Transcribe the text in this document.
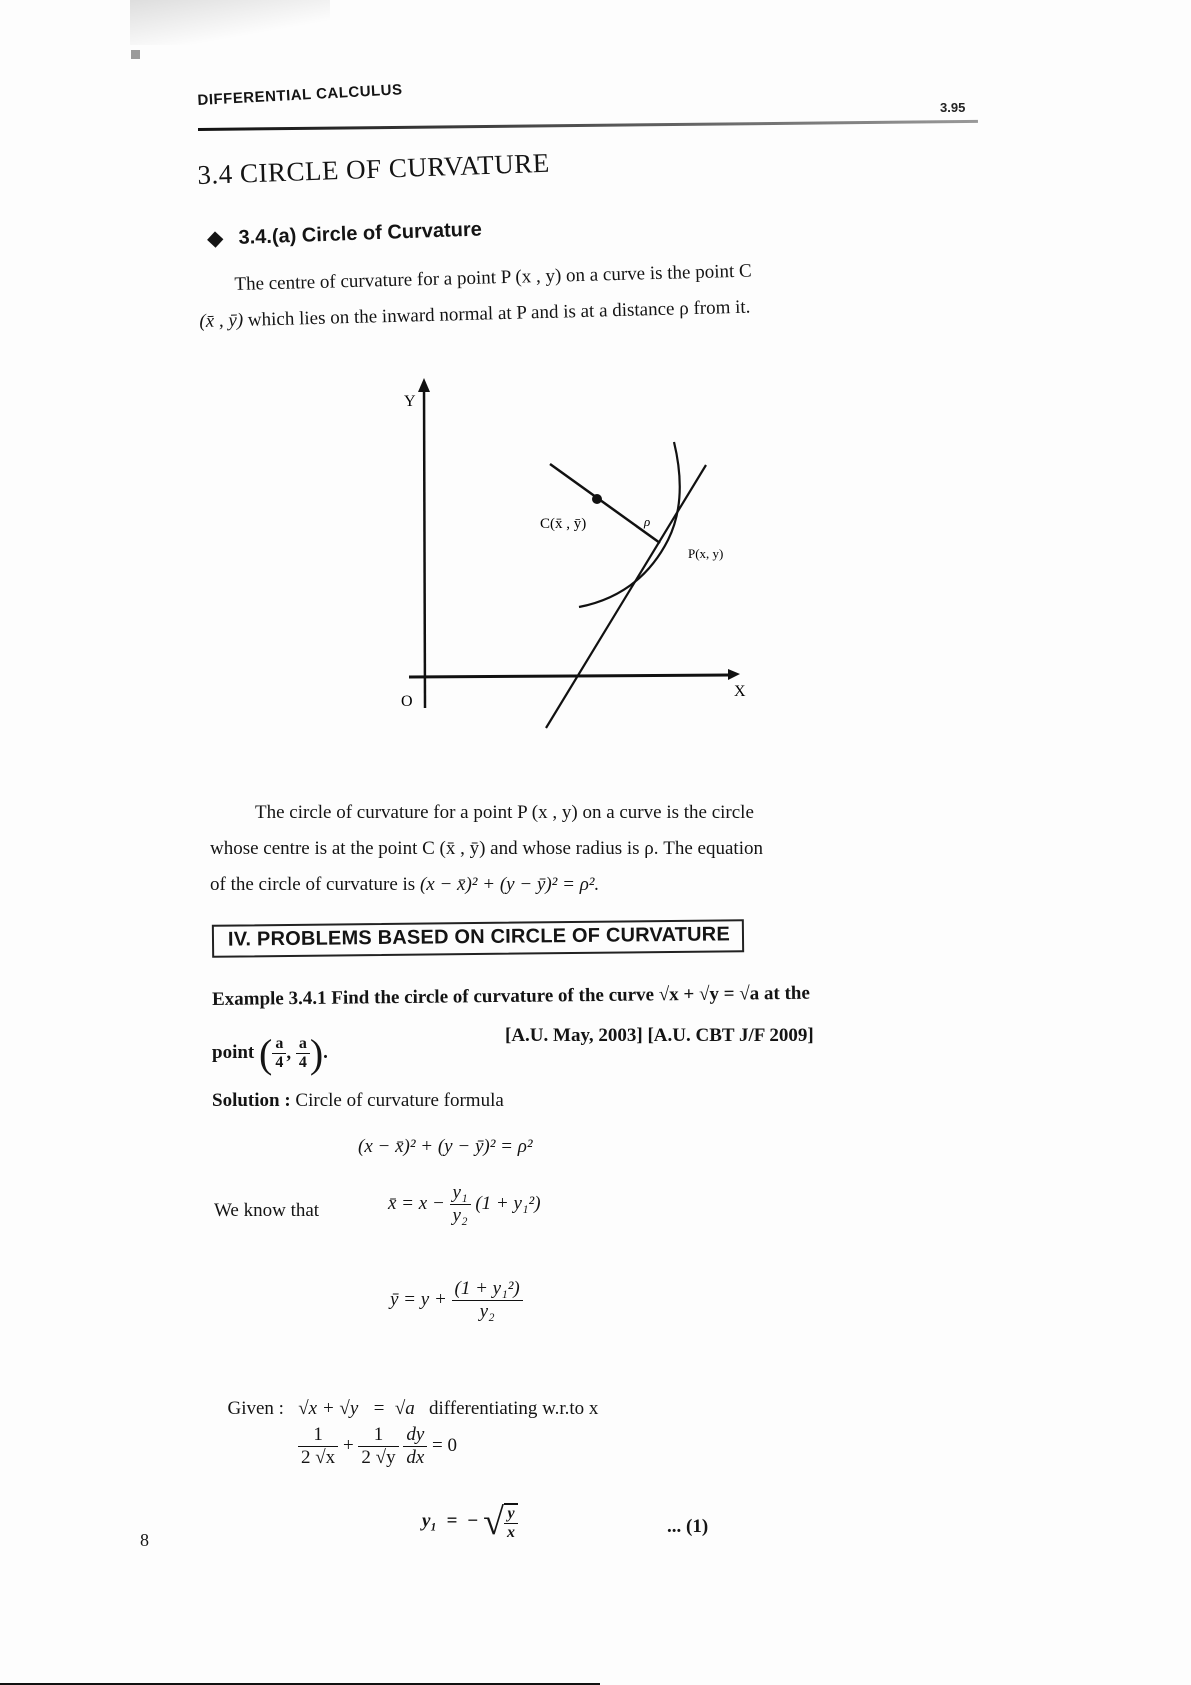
DIFFERENTIAL CALCULUS	3.95
3.4 CIRCLE OF CURVATURE
◆ 3.4.(a) Circle of Curvature
The centre of curvature for a point P (x , y) on a curve is the point C
(x̄ , ȳ) which lies on the inward normal at P and is at a distance ρ from it.
Y
X
O
C(x̄ , ȳ)	ρ
P(x, y)
The circle of curvature for a point P (x , y) on a curve is the circle
whose centre is at the point C (x̄ , ȳ) and whose radius is ρ. The equation
of the circle of curvature is (x − x̄)² + (y − ȳ)² = ρ².
IV. PROBLEMS BASED ON CIRCLE OF CURVATURE
Example 3.4.1 Find the circle of curvature of the curve √x + √y = √a at the
point ( $\frac{a}{4}$ , $\frac{a}{4}$ ).
[A.U. May, 2003] [A.U. CBT J/F 2009]
Solution : Circle of curvature formula
(x − x̄)² + (y − ȳ)² = ρ²
We know that	x̄ = $x - \frac{\text{y₁}}{\text{y₂}} (1 + y_1^2)$
ȳ = $y + \frac{\text{(1 + y₁²)}}{\text{y₂}}$

Given : √x + √y   =  √a differentiating w.r.to x

$\frac{1}{2 √x} + \frac{1}{2 √y}$
$\frac{dy}{dx} = 0$
y₁  =  − √ $\frac{y}{x}$	... (1)
8
